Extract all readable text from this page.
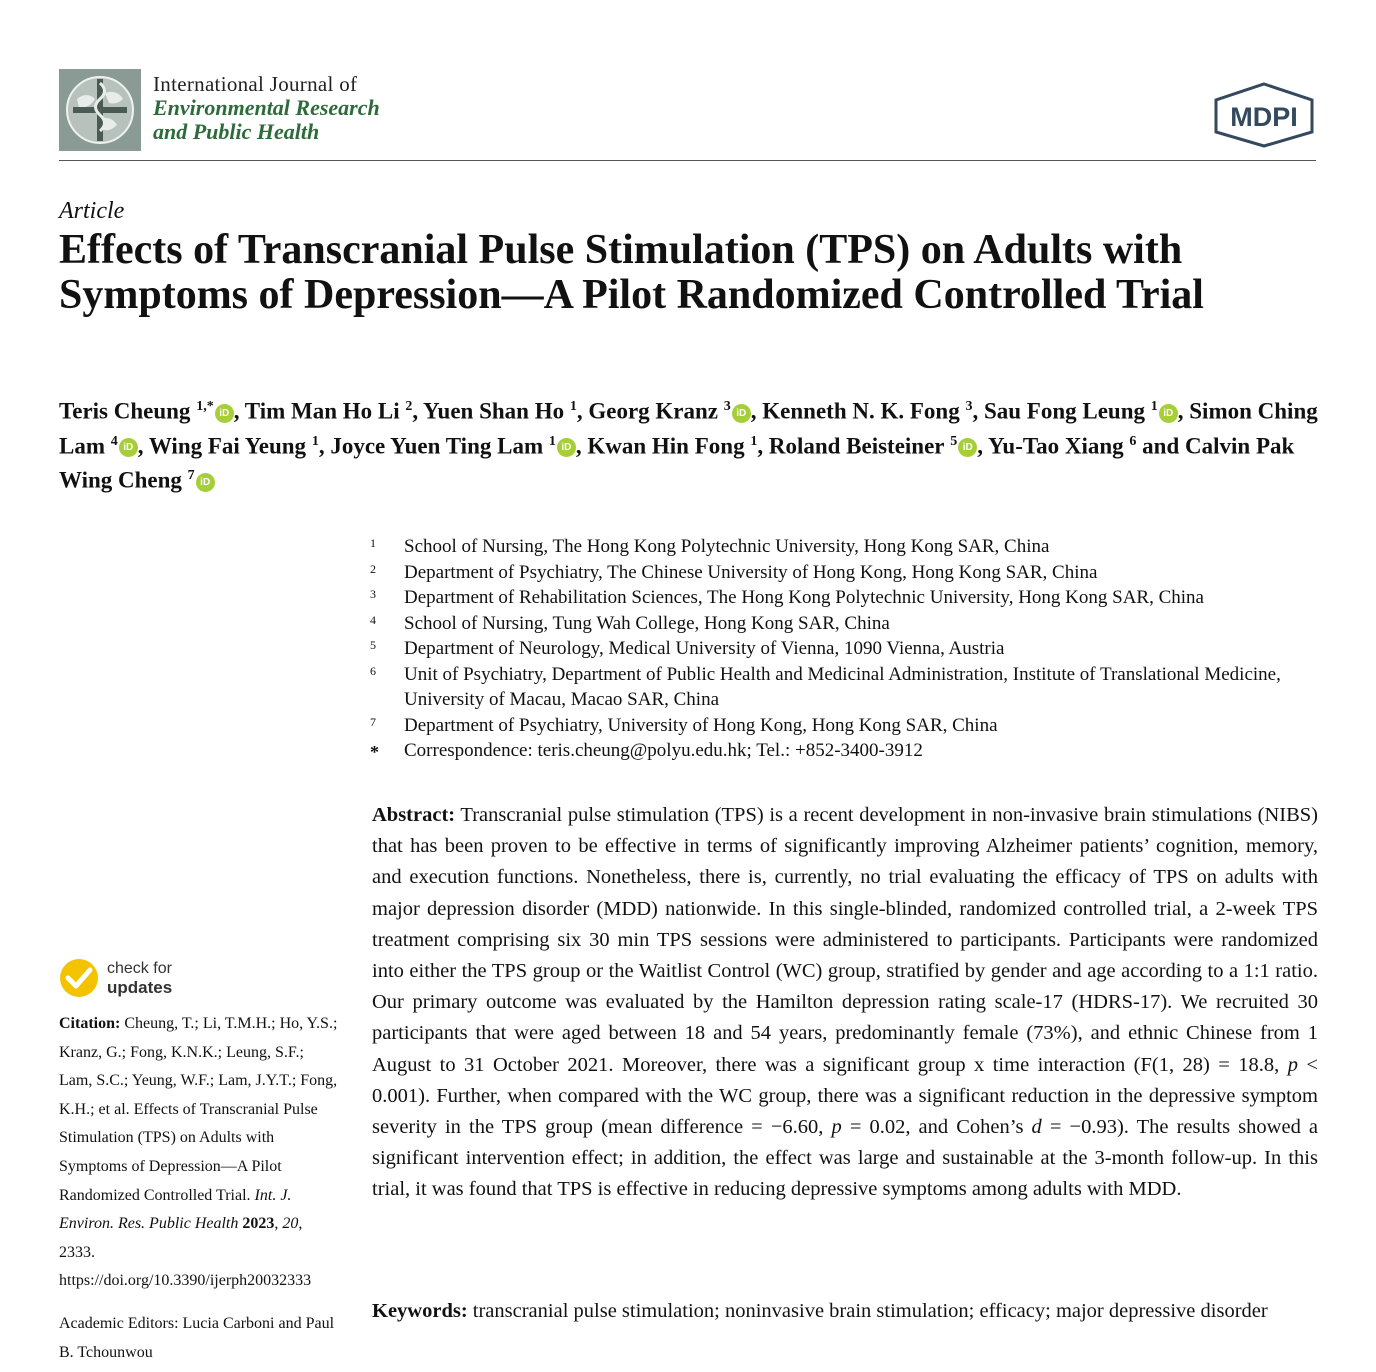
International Journal of
Environmental Research
and Public Health	MDPI
Article
Effects of Transcranial Pulse Stimulation (TPS) on Adults with Symptoms of Depression—A Pilot Randomized Controlled Trial
Teris Cheung $^{1,*}$ iD , Tim Man Ho Li $^2$, Yuen Shan Ho $^1$, Georg Kranz $^3$ iD , Kenneth N. K. Fong $^3$, Sau Fong Leung $^1$ iD , Simon Ching Lam $^4$ iD , Wing Fai Yeung $^1$, Joyce Yuen Ting Lam $^1$ iD , Kwan Hin Fong $^1$, Roland Beisteiner $^5$ iD , Yu-Tao Xiang $^6$ and Calvin Pak Wing Cheng $^7$ iD
1	School of Nursing, The Hong Kong Polytechnic University, Hong Kong SAR, China
2	Department of Psychiatry, The Chinese University of Hong Kong, Hong Kong SAR, China
3	Department of Rehabilitation Sciences, The Hong Kong Polytechnic University, Hong Kong SAR, China
4	School of Nursing, Tung Wah College, Hong Kong SAR, China
5	Department of Neurology, Medical University of Vienna, 1090 Vienna, Austria
6	Unit of Psychiatry, Department of Public Health and Medicinal Administration, Institute of Translational Medicine, University of Macau, Macao SAR, China
7	Department of Psychiatry, University of Hong Kong, Hong Kong SAR, China
*	Correspondence: teris.cheung@polyu.edu.hk; Tel.: +852-3400-3912
Abstract: Transcranial pulse stimulation (TPS) is a recent development in non-invasive brain stimulations (NIBS) that has been proven to be effective in terms of significantly improving Alzheimer patients’ cognition, memory, and execution functions. Nonetheless, there is, currently, no trial evaluating the efficacy of TPS on adults with major depression disorder (MDD) nationwide. In this single-blinded, randomized controlled trial, a 2-week TPS treatment comprising six 30 min TPS sessions were administered to participants. Participants were randomized into either the TPS group or the Waitlist Control (WC) group, stratified by gender and age according to a 1:1 ratio. Our primary outcome was evaluated by the Hamilton depression rating scale-17 (HDRS-17). We recruited 30 participants that were aged between 18 and 54 years, predominantly female (73%), and ethnic Chinese from 1 August to 31 October 2021. Moreover, there was a significant group x time interaction (F(1, 28) = 18.8, p < 0.001). Further, when compared with the WC group, there was a significant reduction in the depressive symptom severity in the TPS group (mean difference = −6.60, p = 0.02, and Cohen’s d = −0.93). The results showed a significant intervention effect; in addition, the effect was large and sustainable at the 3-month follow-up. In this trial, it was found that TPS is effective in reducing depressive symptoms among adults with MDD.
Keywords: transcranial pulse stimulation; noninvasive brain stimulation; efficacy; major depressive disorder
check for
updates
Citation: Cheung, T.; Li, T.M.H.; Ho, Y.S.; Kranz, G.; Fong, K.N.K.; Leung, S.F.; Lam, S.C.; Yeung, W.F.; Lam, J.Y.T.; Fong, K.H.; et al. Effects of Transcranial Pulse Stimulation (TPS) on Adults with Symptoms of Depression—A Pilot Randomized Controlled Trial. Int. J. Environ. Res. Public Health 2023, 20, 2333. https://doi.org/10.3390/ijerph20032333
Academic Editors: Lucia Carboni and Paul B. Tchounwou
